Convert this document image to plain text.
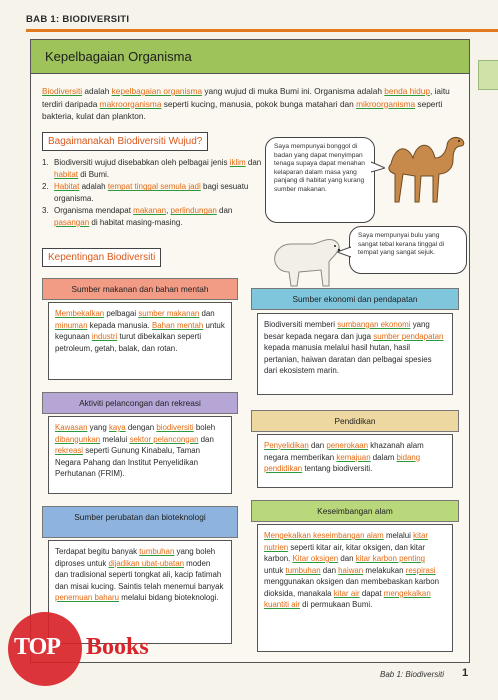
BAB 1: BIODIVERSITI
Kepelbagaian Organisma
Biodiversiti adalah kepelbagaian organisma yang wujud di muka Bumi ini. Organisma adalah benda hidup, iaitu terdiri daripada makroorganisma seperti kucing, manusia, pokok bunga matahari dan mikroorganisma seperti bakteria, kulat dan plankton.
Bagaimanakah Biodiversiti Wujud?
1. Biodiversiti wujud disebabkan oleh pelbagai jenis iklim dan habitat di Bumi.
2. Habitat adalah tempat tinggal semula jadi bagi sesuatu organisma.
3. Organisma mendapat makanan, perlindungan dan pasangan di habitat masing-masing.
Saya mempunyai bonggol di badan yang dapat menyimpan tenaga supaya dapat menahan kelaparan dalam masa yang panjang di habitat yang kurang sumber makanan.
Saya mempunyai bulu yang sangat tebal kerana tinggal di tempat yang sangat sejuk.
Kepentingan Biodiversiti
Sumber makanan dan bahan mentah
Membekalkan pelbagai sumber makanan dan minuman kepada manusia. Bahan mentah untuk kegunaan industri turut dibekalkan seperti petroleum, getah, balak, dan rotan.
Sumber ekonomi dan pendapatan
Biodiversiti memberi sumbangan ekonomi yang besar kepada negara dan juga sumber pendapatan kepada manusia melalui hasil hutan, hasil pertanian, haiwan daratan dan pelbagai spesies dari ekosistem marin.
Aktiviti pelancongan dan rekreasi
Kawasan yang kaya dengan biodiversiti boleh dibangunkan melalui sektor pelancongan dan rekreasi seperti Gunung Kinabalu, Taman Negara Pahang dan Institut Penyelidikan Perhutanan (FRIM).
Pendidikan
Penyelidikan dan penerokaan khazanah alam negara memberikan kemajuan dalam bidang pendidikan tentang biodiversiti.
Sumber perubatan dan bioteknologi
Terdapat begitu banyak tumbuhan yang boleh diproses untuk dijadikan ubat-ubatan moden dan tradisional seperti tongkat ali, kacip fatimah dan misai kucing. Saintis telah menemui banyak penemuan baharu melalui bidang bioteknologi.
Keseimbangan alam
Mengekalkan keseimbangan alam melalui kitar nutrien seperti kitar air, kitar oksigen, dan kitar karbon. Kitar oksigen dan kitar karbon penting untuk tumbuhan dan haiwan melakukan respirasi menggunakan oksigen dan membebaskan karbon dioksida, manakala kitar air dapat mengekalkan kuantiti air di permukaan Bumi.
Bab 1: Biodiversiti 1
TOP Books
